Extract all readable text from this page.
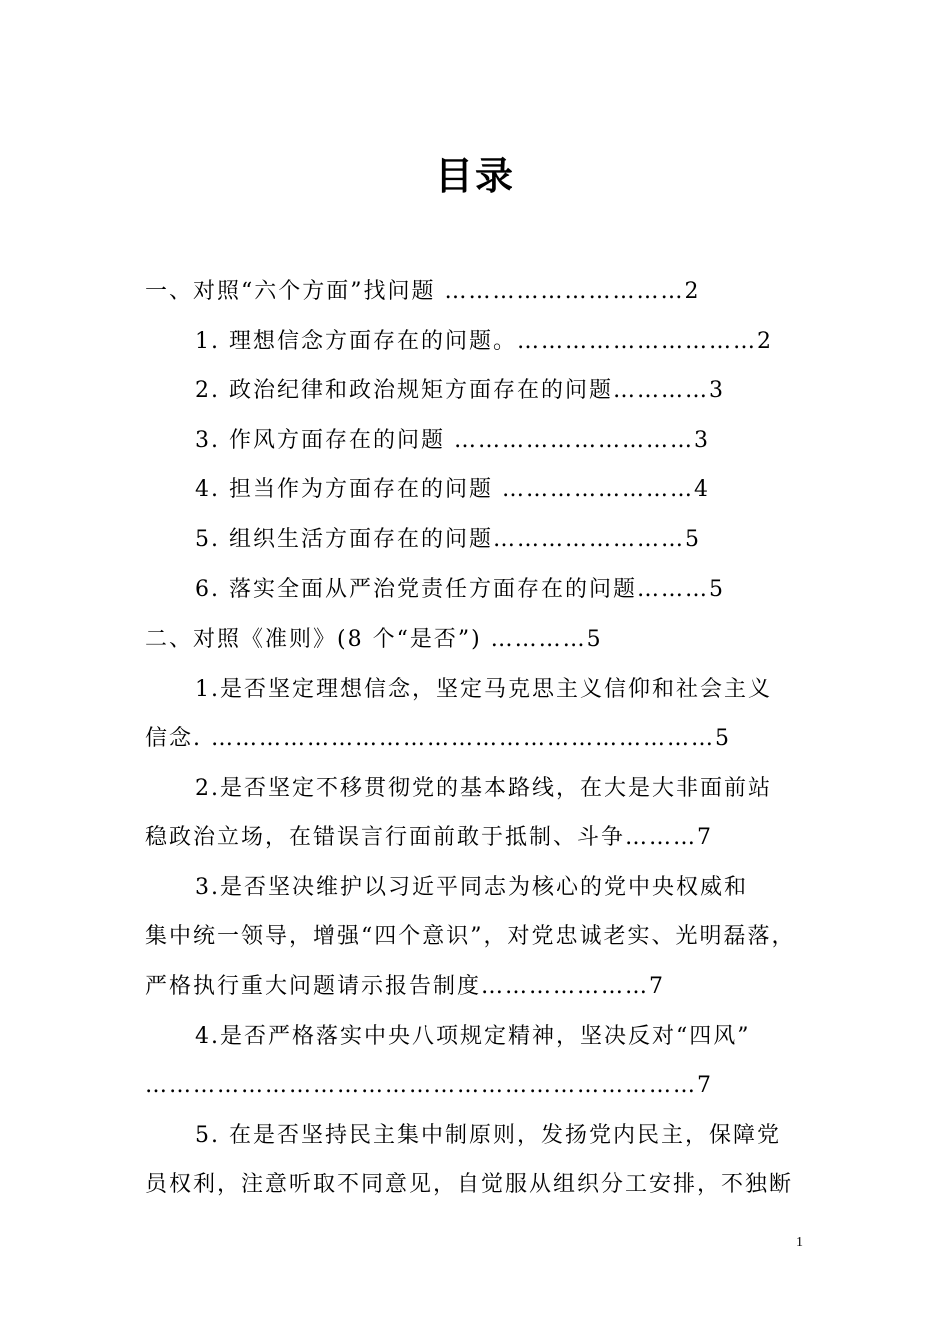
目录
一、对照“六个方面”找问题 …………………………2
1. 理想信念方面存在的问题。…………………………2
2. 政治纪律和政治规矩方面存在的问题…………3
3. 作风方面存在的问题 …………………………3
4. 担当作为方面存在的问题 ……………………4
5. 组织生活方面存在的问题……………………5
6. 落实全面从严治党责任方面存在的问题………5
二、对照《准则》(8 个“是否”) …………5
1.是否坚定理想信念，坚定马克思主义信仰和社会主义
信念. ………………………………………………………5
2.是否坚定不移贯彻党的基本路线，在大是大非面前站
稳政治立场，在错误言行面前敢于抵制、斗争………7
3.是否坚决维护以习近平同志为核心的党中央权威和
集中统一领导，增强“四个意识”，对党忠诚老实、光明磊落，
严格执行重大问题请示报告制度…………………7
4.是否严格落实中央八项规定精神，坚决反对“四风”
……………………………………………………………7
5. 在是否坚持民主集中制原则，发扬党内民主，保障党
员权利，注意听取不同意见，自觉服从组织分工安排，不独断
1
